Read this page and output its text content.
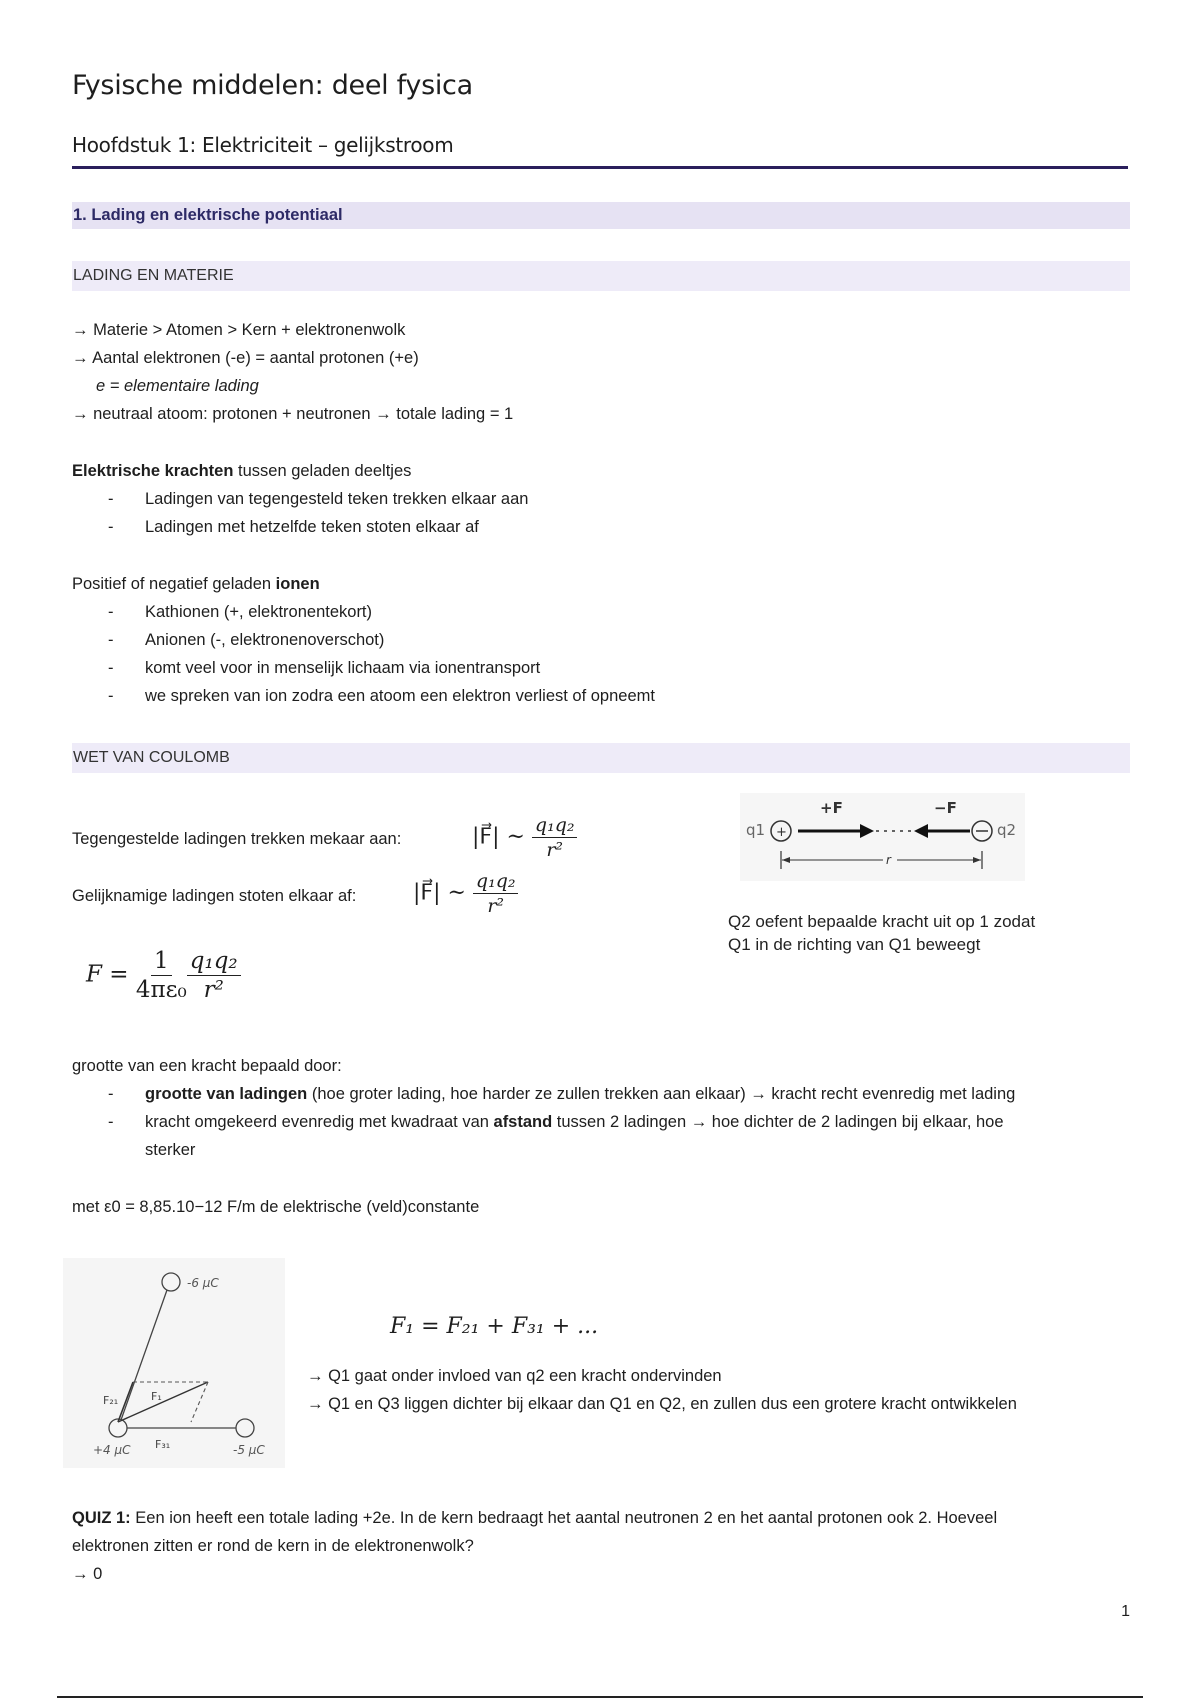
Fysische middelen: deel fysica
Hoofdstuk 1: Elektriciteit – gelijkstroom
1. Lading en elektrische potentiaal
LADING EN MATERIE
→ Materie > Atomen > Kern + elektronenwolk
→ Aantal elektronen (-e) = aantal protonen (+e)
e = elementaire lading
→ neutraal atoom: protonen + neutronen → totale lading = 1
Elektrische krachten tussen geladen deeltjes
- Ladingen van tegengesteld teken trekken elkaar aan
- Ladingen met hetzelfde teken stoten elkaar af
Positief of negatief geladen ionen
- Kathionen (+, elektronentekort)
- Anionen (-, elektronenoverschot)
- komt veel voor in menselijk lichaam via ionentransport
- we spreken van ion zodra een atoom een elektron verliest of opneemt
WET VAN COULOMB
Tegengestelde ladingen trekken mekaar aan:	|F⃗| ~ $\frac{\text{q₁q₂}}{\text{r²}}$
Gelijknamige ladingen stoten elkaar af:	|F⃗| ~ $\frac{\text{q₁q₂}}{\text{r²}}$
$F = \frac{1}{\text{4πε₀}} \frac{\text{q₁q₂}}{\text{r²}}$
q1 +
+F	−F
q2
r
Q2 oefent bepaalde kracht uit op 1 zodat
Q1 in de richting van Q1 beweegt
grootte van een kracht bepaald door:
- grootte van ladingen (hoe groter lading, hoe harder ze zullen trekken aan elkaar) → kracht recht evenredig met lading
- kracht omgekeerd evenredig met kwadraat van afstand tussen 2 ladingen → hoe dichter de 2 ladingen bij elkaar, hoe
sterker
met ε0 = 8,85.10−12 F/m de elektrische (veld)constante
-6 μC
+4 μC	-5 μC
F₂₁	F₁
F₃₁
F₁ = F₂₁ + F₃₁ + ...
→ Q1 gaat onder invloed van q2 een kracht ondervinden
→ Q1 en Q3 liggen dichter bij elkaar dan Q1 en Q2, en zullen dus een grotere kracht ontwikkelen
QUIZ 1: Een ion heeft een totale lading +2e. In de kern bedraagt het aantal neutronen 2 en het aantal protonen ook 2. Hoeveel
elektronen zitten er rond de kern in de elektronenwolk?
→ 0
1
